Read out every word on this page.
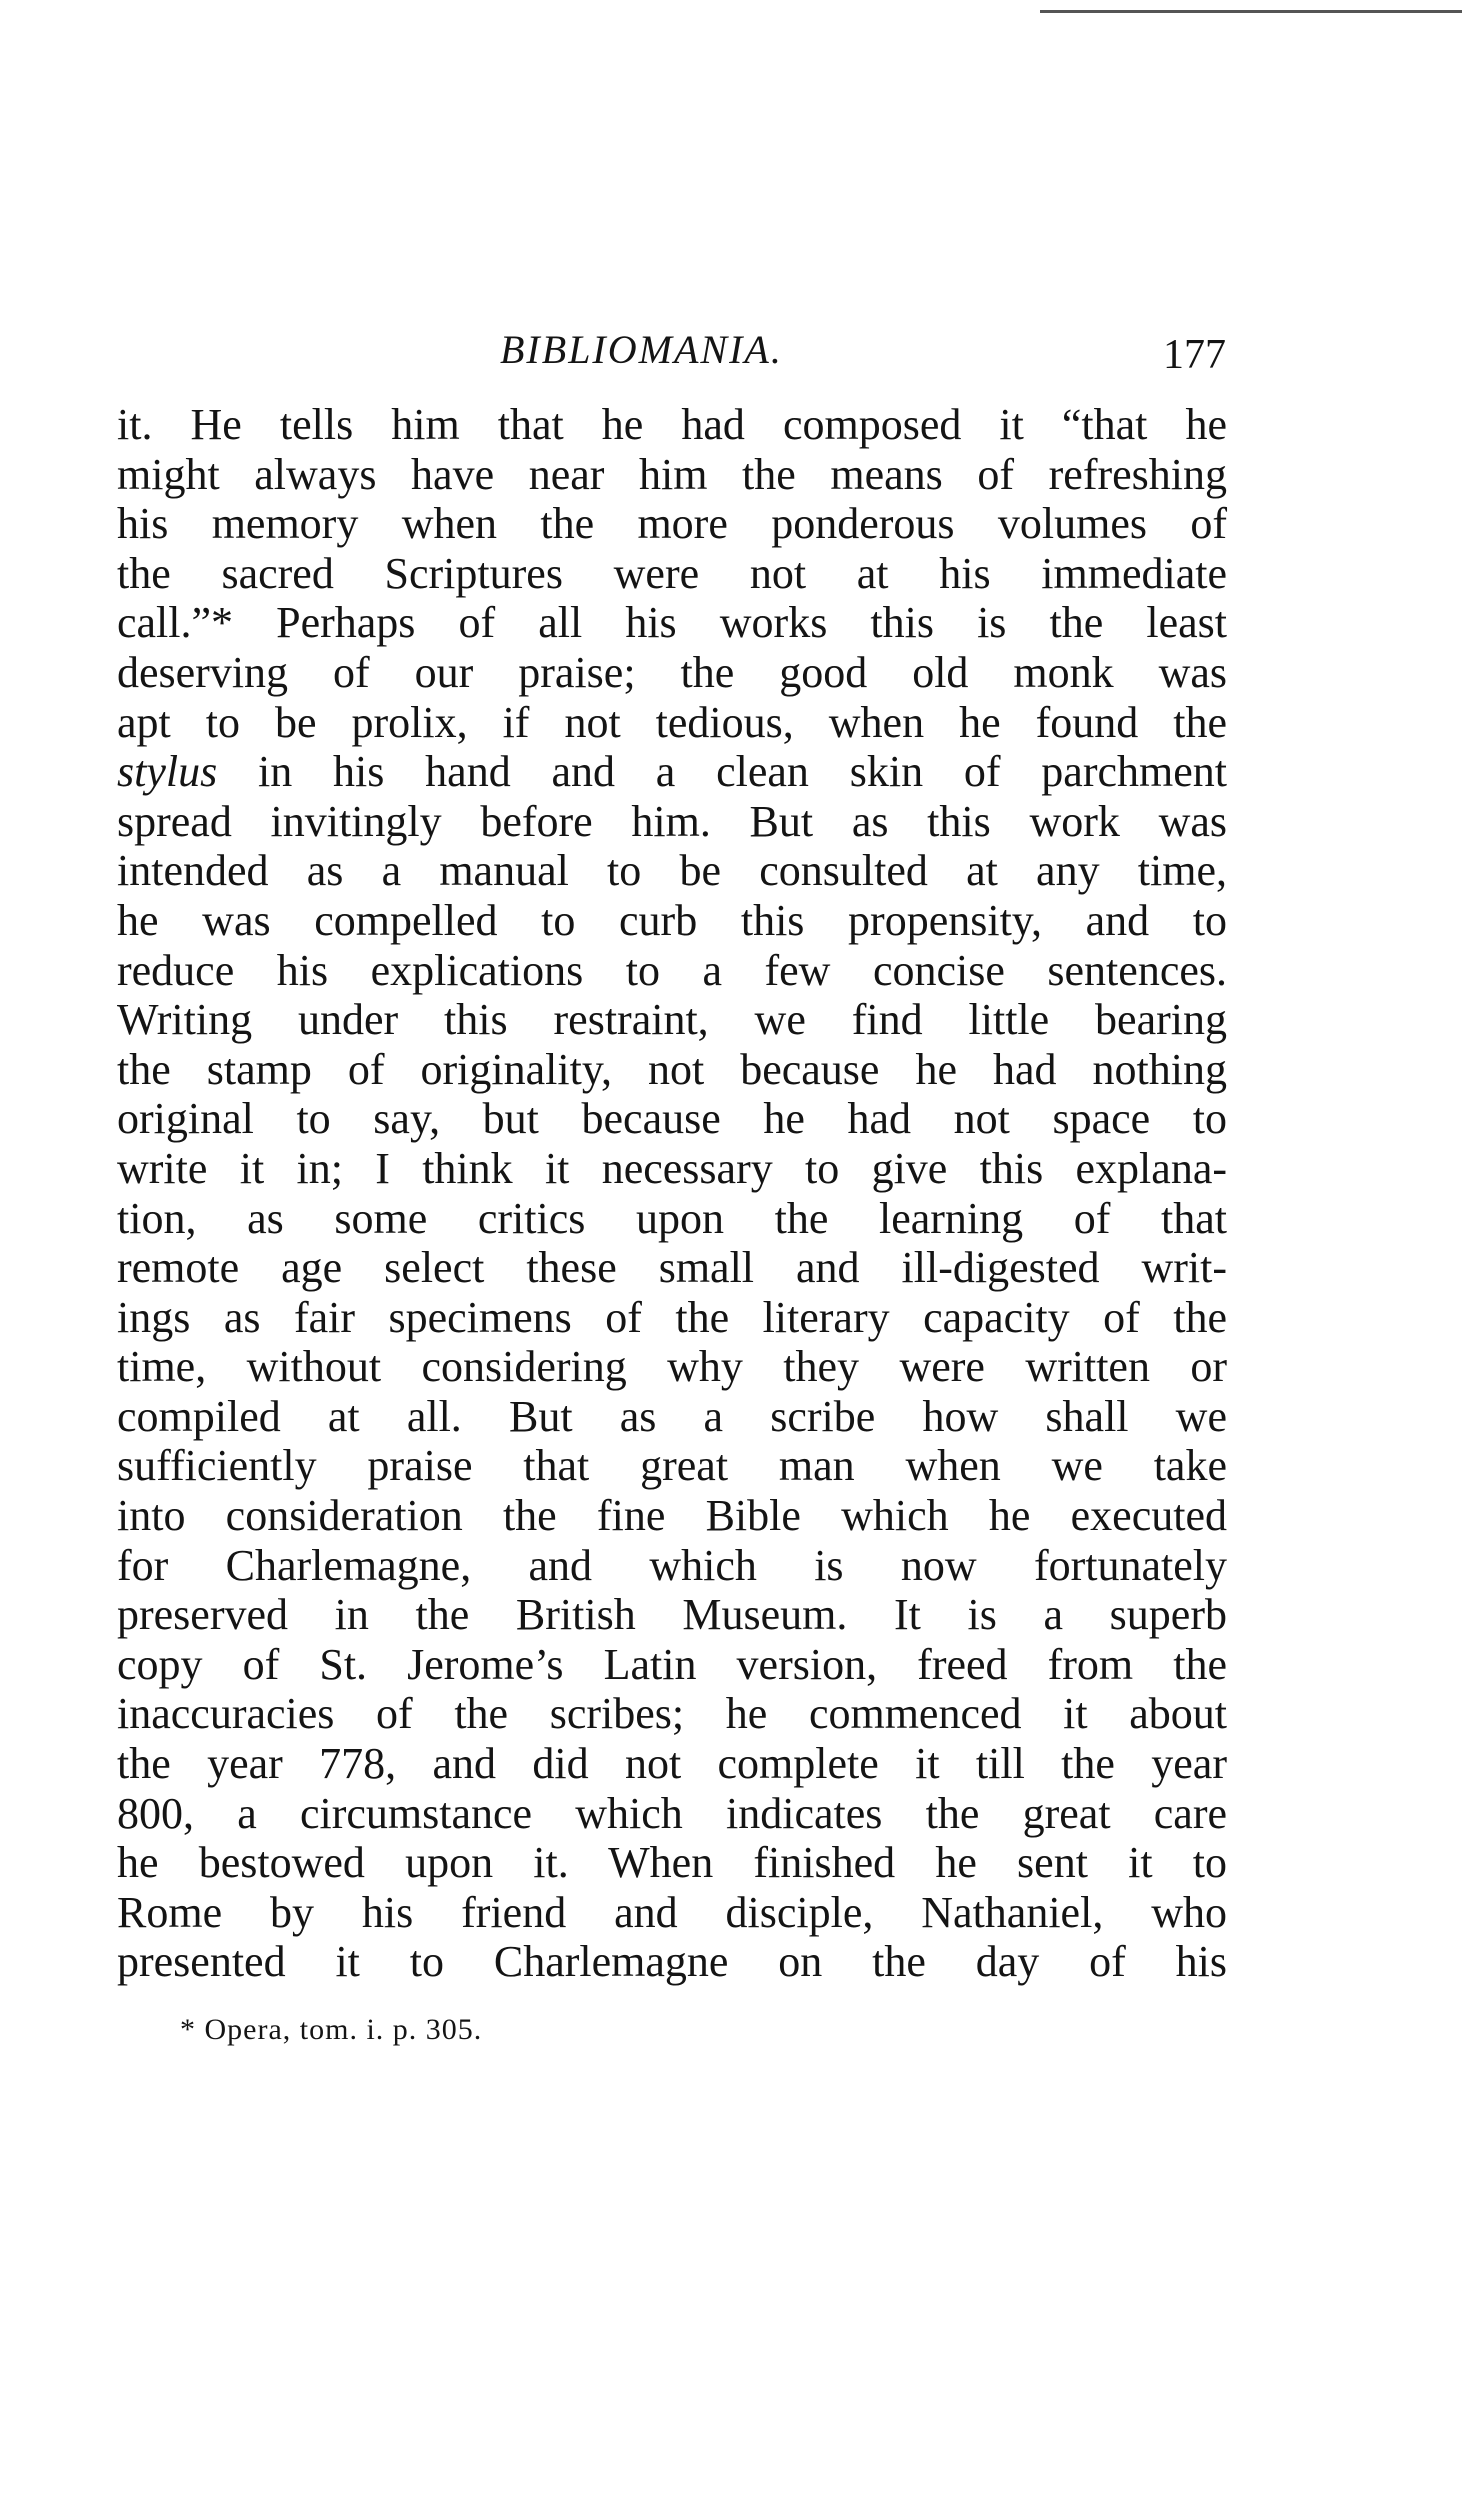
BIBLIOMANIA.	177
it. He tells him that he had composed it “that he
might always have near him the means of refreshing
his memory when the more ponderous volumes of
the sacred Scriptures were not at his immediate
call.”* Perhaps of all his works this is the least
deserving of our praise; the good old monk was
apt to be prolix, if not tedious, when he found the
stylus in his hand and a clean skin of parchment
spread invitingly before him. But as this work was
intended as a manual to be consulted at any time,
he was compelled to curb this propensity, and to
reduce his explications to a few concise sentences.
Writing under this restraint, we find little bearing
the stamp of originality, not because he had nothing
original to say, but because he had not space to
write it in; I think it necessary to give this explana-
tion, as some critics upon the learning of that
remote age select these small and ill-digested writ-
ings as fair specimens of the literary capacity of the
time, without considering why they were written or
compiled at all. But as a scribe how shall we
sufficiently praise that great man when we take
into consideration the fine Bible which he executed
for Charlemagne, and which is now fortunately
preserved in the British Museum. It is a superb
copy of St. Jerome’s Latin version, freed from the
inaccuracies of the scribes; he commenced it about
the year 778, and did not complete it till the year
800, a circumstance which indicates the great care
he bestowed upon it. When finished he sent it to
Rome by his friend and disciple, Nathaniel, who
presented it to Charlemagne on the day of his
* Opera, tom. i. p. 305.
